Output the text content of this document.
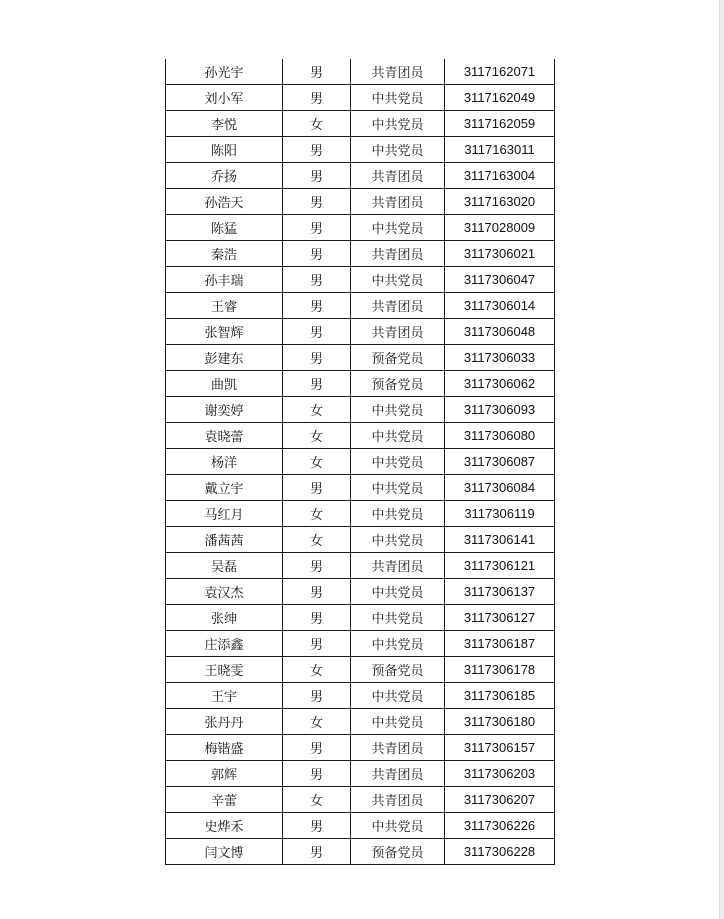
孙光宇	男	共青团员	3117162071
刘小军	男	中共党员	3117162049
李悦	女	中共党员	3117162059
陈阳	男	中共党员	3117163011
乔扬	男	共青团员	3117163004
孙浩天	男	共青团员	3117163020
陈猛	男	中共党员	3117028009
秦浩	男	共青团员	3117306021
孙丰瑞	男	中共党员	3117306047
王睿	男	共青团员	3117306014
张智辉	男	共青团员	3117306048
彭建东	男	预备党员	3117306033
曲凯	男	预备党员	3117306062
谢奕婷	女	中共党员	3117306093
袁晓蕾	女	中共党员	3117306080
杨洋	女	中共党员	3117306087
戴立宇	男	中共党员	3117306084
马红月	女	中共党员	3117306119
潘茜茜	女	中共党员	3117306141
吴磊	男	共青团员	3117306121
袁汉杰	男	中共党员	3117306137
张绅	男	中共党员	3117306127
庄添鑫	男	中共党员	3117306187
王晓雯	女	预备党员	3117306178
王宇	男	中共党员	3117306185
张丹丹	女	中共党员	3117306180
梅锴盛	男	共青团员	3117306157
郭辉	男	共青团员	3117306203
辛蕾	女	共青团员	3117306207
史烨禾	男	中共党员	3117306226
闫文博	男	预备党员	3117306228
